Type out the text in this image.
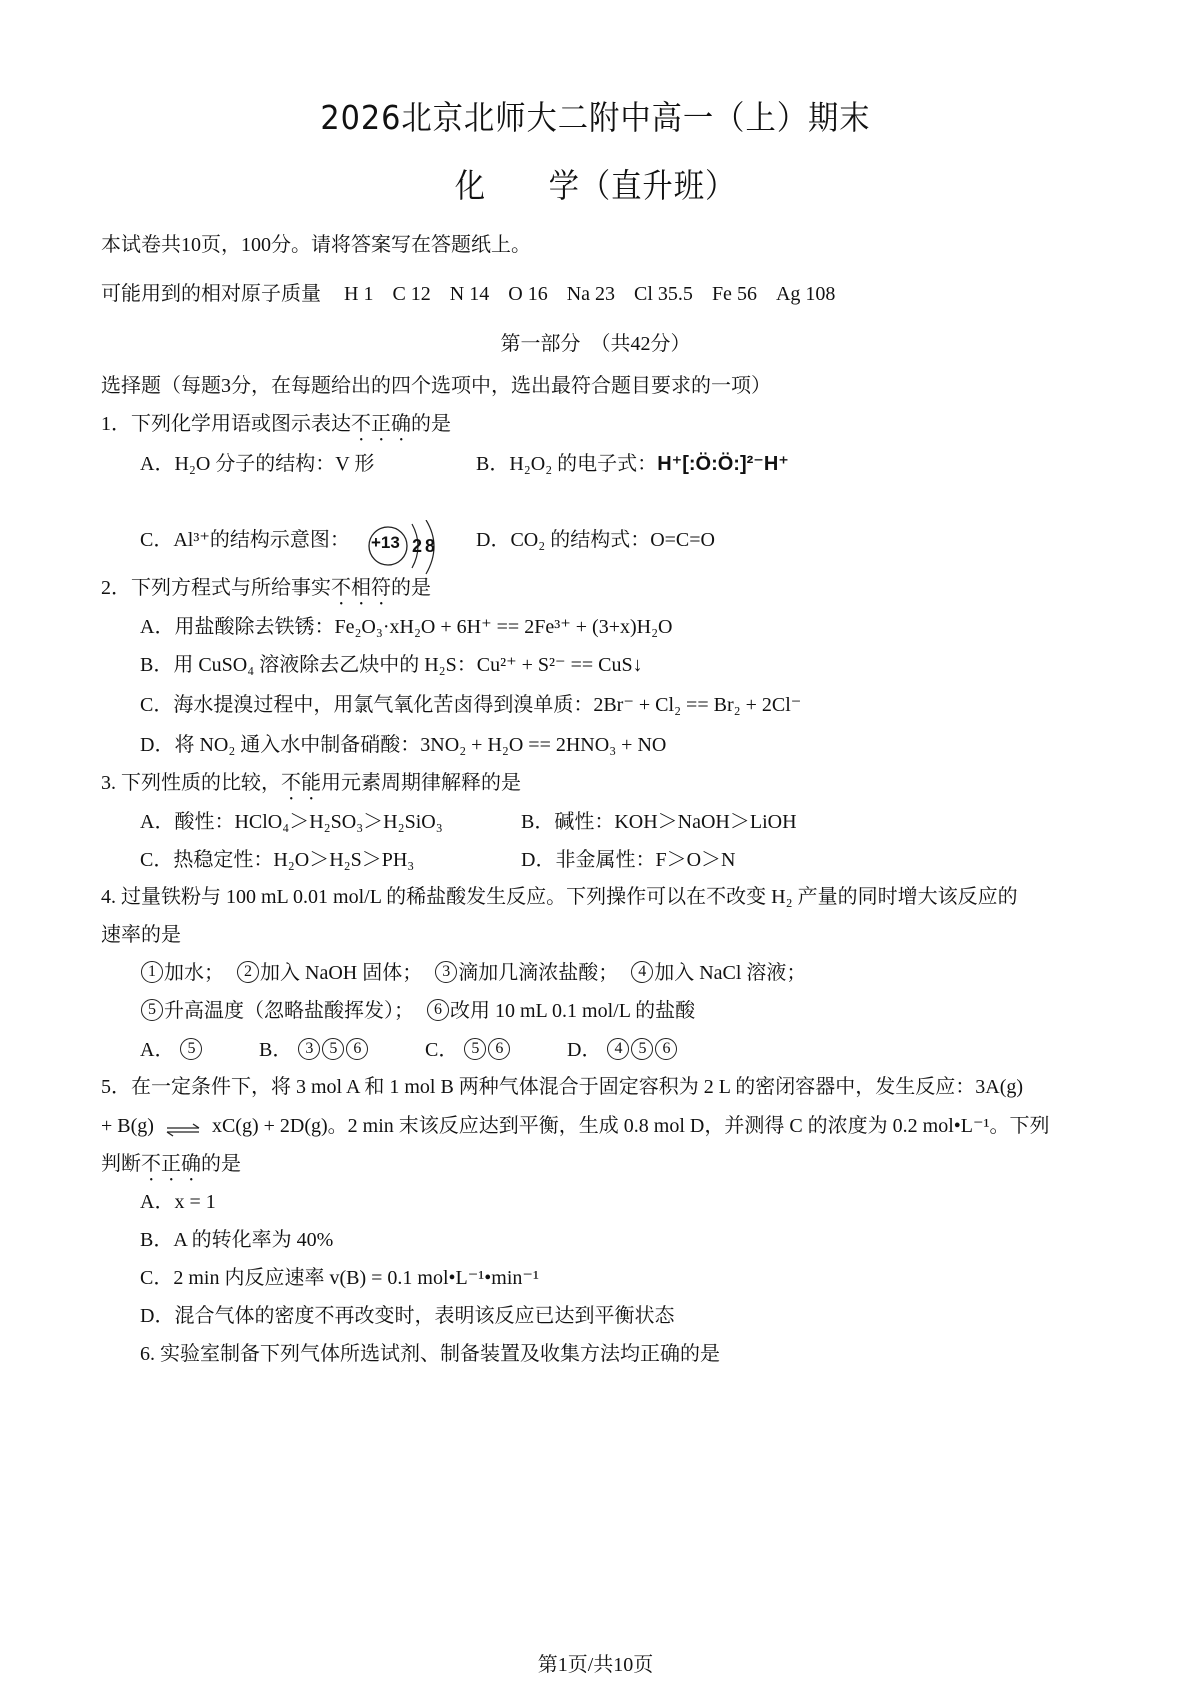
2026北京北师大二附中高一（上）期末
化　　学（直升班）
本试卷共10页，100分。请将答案写在答题纸上。
可能用到的相对原子质量 H 1 C 12 N 14 O 16 Na 23 Cl 35.5 Fe 56 Ag 108
第一部分　（共42分）
选择题（每题3分，在每题给出的四个选项中，选出最符合题目要求的一项）
1．下列化学用语或图示表达不正确的是
A．H₂O 分子的结构：V 形	B．H₂O₂ 的电子式：H⁺[:Ö:Ö:]²⁻H⁺
C．Al³⁺的结构示意图： +13 2 8 D．CO₂ 的结构式：O=C=O
2．下列方程式与所给事实不相符的是
A．用盐酸除去铁锈：Fe₂O₃·xH₂O + 6H⁺ == 2Fe³⁺ + (3+x)H₂O
B．用 CuSO₄ 溶液除去乙炔中的 H₂S：Cu²⁺ + S²⁻ == CuS↓
C．海水提溴过程中，用氯气氧化苦卤得到溴单质：2Br⁻ + Cl₂ == Br₂ + 2Cl⁻
D．将 NO₂ 通入水中制备硝酸：3NO₂ + H₂O == 2HNO₃ + NO
3. 下列性质的比较，不能用元素周期律解释的是
A．酸性：HClO₄＞H₂SO₃＞H₂SiO₃	B．碱性：KOH＞NaOH＞LiOH
C．热稳定性：H₂O＞H₂S＞PH₃	D．非金属性：F＞O＞N
4. 过量铁粉与 100 mL 0.01 mol/L 的稀盐酸发生反应。下列操作可以在不改变 H₂ 产量的同时增大该反应的
速率的是
1 加水； 2 加入 NaOH 固体； 3 滴加几滴浓盐酸； 4 加入 NaCl 溶液；
5 升高温度（忽略盐酸挥发）； 6 改用 10 mL 0.1 mol/L 的盐酸
A． 5	B． 3 5 6	C． 5 6	D． 4 5 6
5．在一定条件下，将 3 mol A 和 1 mol B 两种气体混合于固定容积为 2 L 的密闭容器中，发生反应：3A(g)
+ B(g) ⇌ xC(g) + 2D(g)。2 min 末该反应达到平衡，生成 0.8 mol D，并测得 C 的浓度为 0.2 mol•L⁻¹。下列
判断不正确的是
A．x = 1
B．A 的转化率为 40%
C．2 min 内反应速率 v(B) = 0.1 mol•L⁻¹•min⁻¹
D．混合气体的密度不再改变时，表明该反应已达到平衡状态
6. 实验室制备下列气体所选试剂、制备装置及收集方法均正确的是
第1页/共10页
